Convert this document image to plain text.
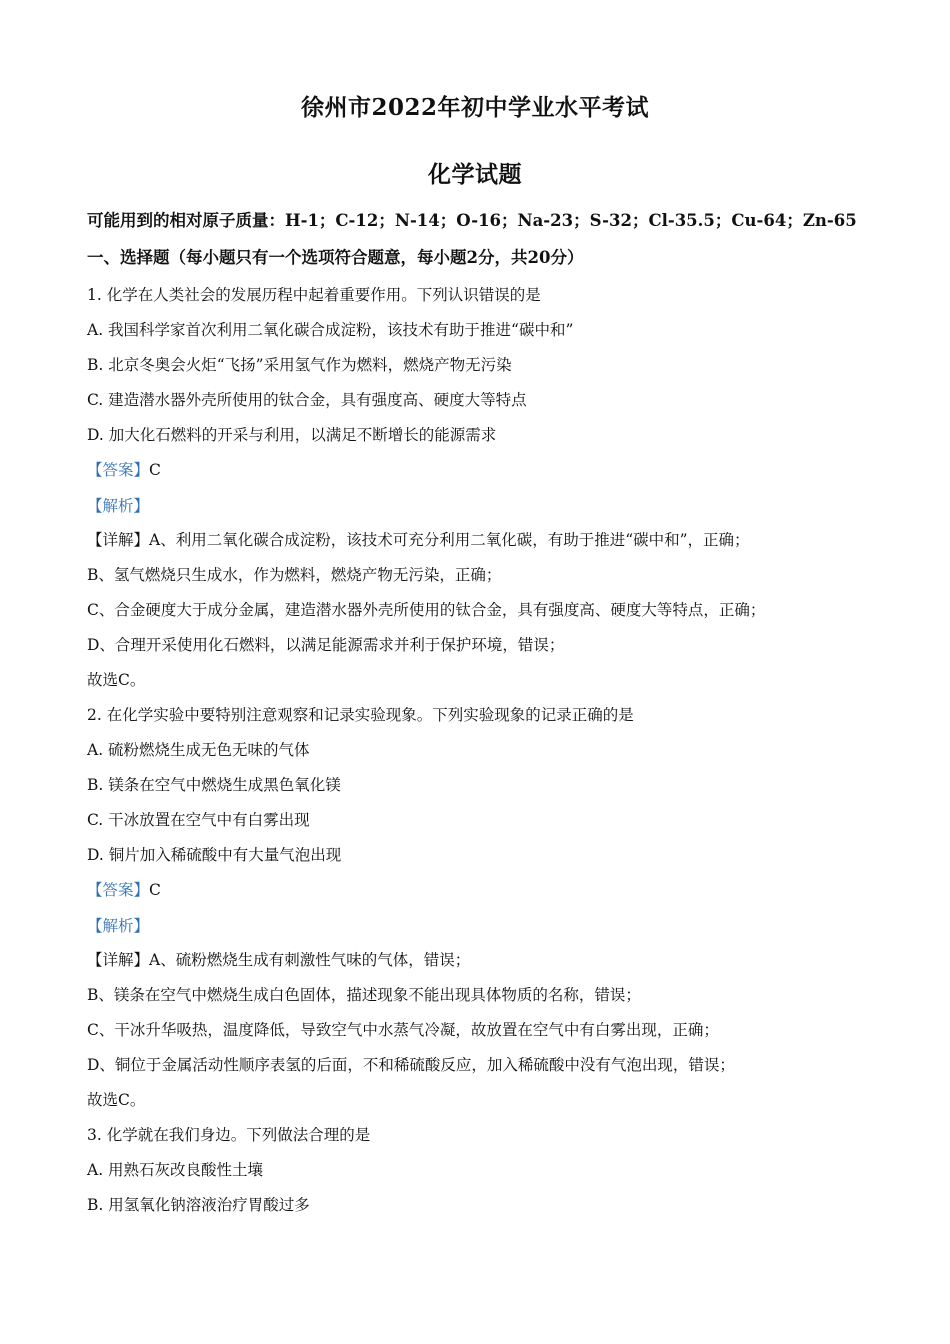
徐州市2022年初中学业水平考试
化学试题
可能用到的相对原子质量：H-1；C-12；N-14；O-16；Na-23；S-32；Cl-35.5；Cu-64；Zn-65
一、选择题（每小题只有一个选项符合题意，每小题2分，共20分）
1. 化学在人类社会的发展历程中起着重要作用。下列认识错误的是
A. 我国科学家首次利用二氧化碳合成淀粉，该技术有助于推进“碳中和”
B. 北京冬奥会火炬“飞扬”采用氢气作为燃料，燃烧产物无污染
C. 建造潜水器外壳所使用的钛合金，具有强度高、硬度大等特点
D. 加大化石燃料的开采与利用，以满足不断增长的能源需求
【答案】C
【解析】
【详解】A、利用二氧化碳合成淀粉，该技术可充分利用二氧化碳，有助于推进“碳中和”，正确；
B、氢气燃烧只生成水，作为燃料，燃烧产物无污染，正确；
C、合金硬度大于成分金属，建造潜水器外壳所使用的钛合金，具有强度高、硬度大等特点，正确；
D、合理开采使用化石燃料，以满足能源需求并利于保护环境，错误；
故选C。
2. 在化学实验中要特别注意观察和记录实验现象。下列实验现象的记录正确的是
A. 硫粉燃烧生成无色无味的气体
B. 镁条在空气中燃烧生成黑色氧化镁
C. 干冰放置在空气中有白雾出现
D. 铜片加入稀硫酸中有大量气泡出现
【答案】C
【解析】
【详解】A、硫粉燃烧生成有刺激性气味的气体，错误；
B、镁条在空气中燃烧生成白色固体，描述现象不能出现具体物质的名称，错误；
C、干冰升华吸热，温度降低，导致空气中水蒸气冷凝，故放置在空气中有白雾出现，正确；
D、铜位于金属活动性顺序表氢的后面，不和稀硫酸反应，加入稀硫酸中没有气泡出现，错误；
故选C。
3. 化学就在我们身边。下列做法合理的是
A. 用熟石灰改良酸性土壤
B. 用氢氧化钠溶液治疗胃酸过多
